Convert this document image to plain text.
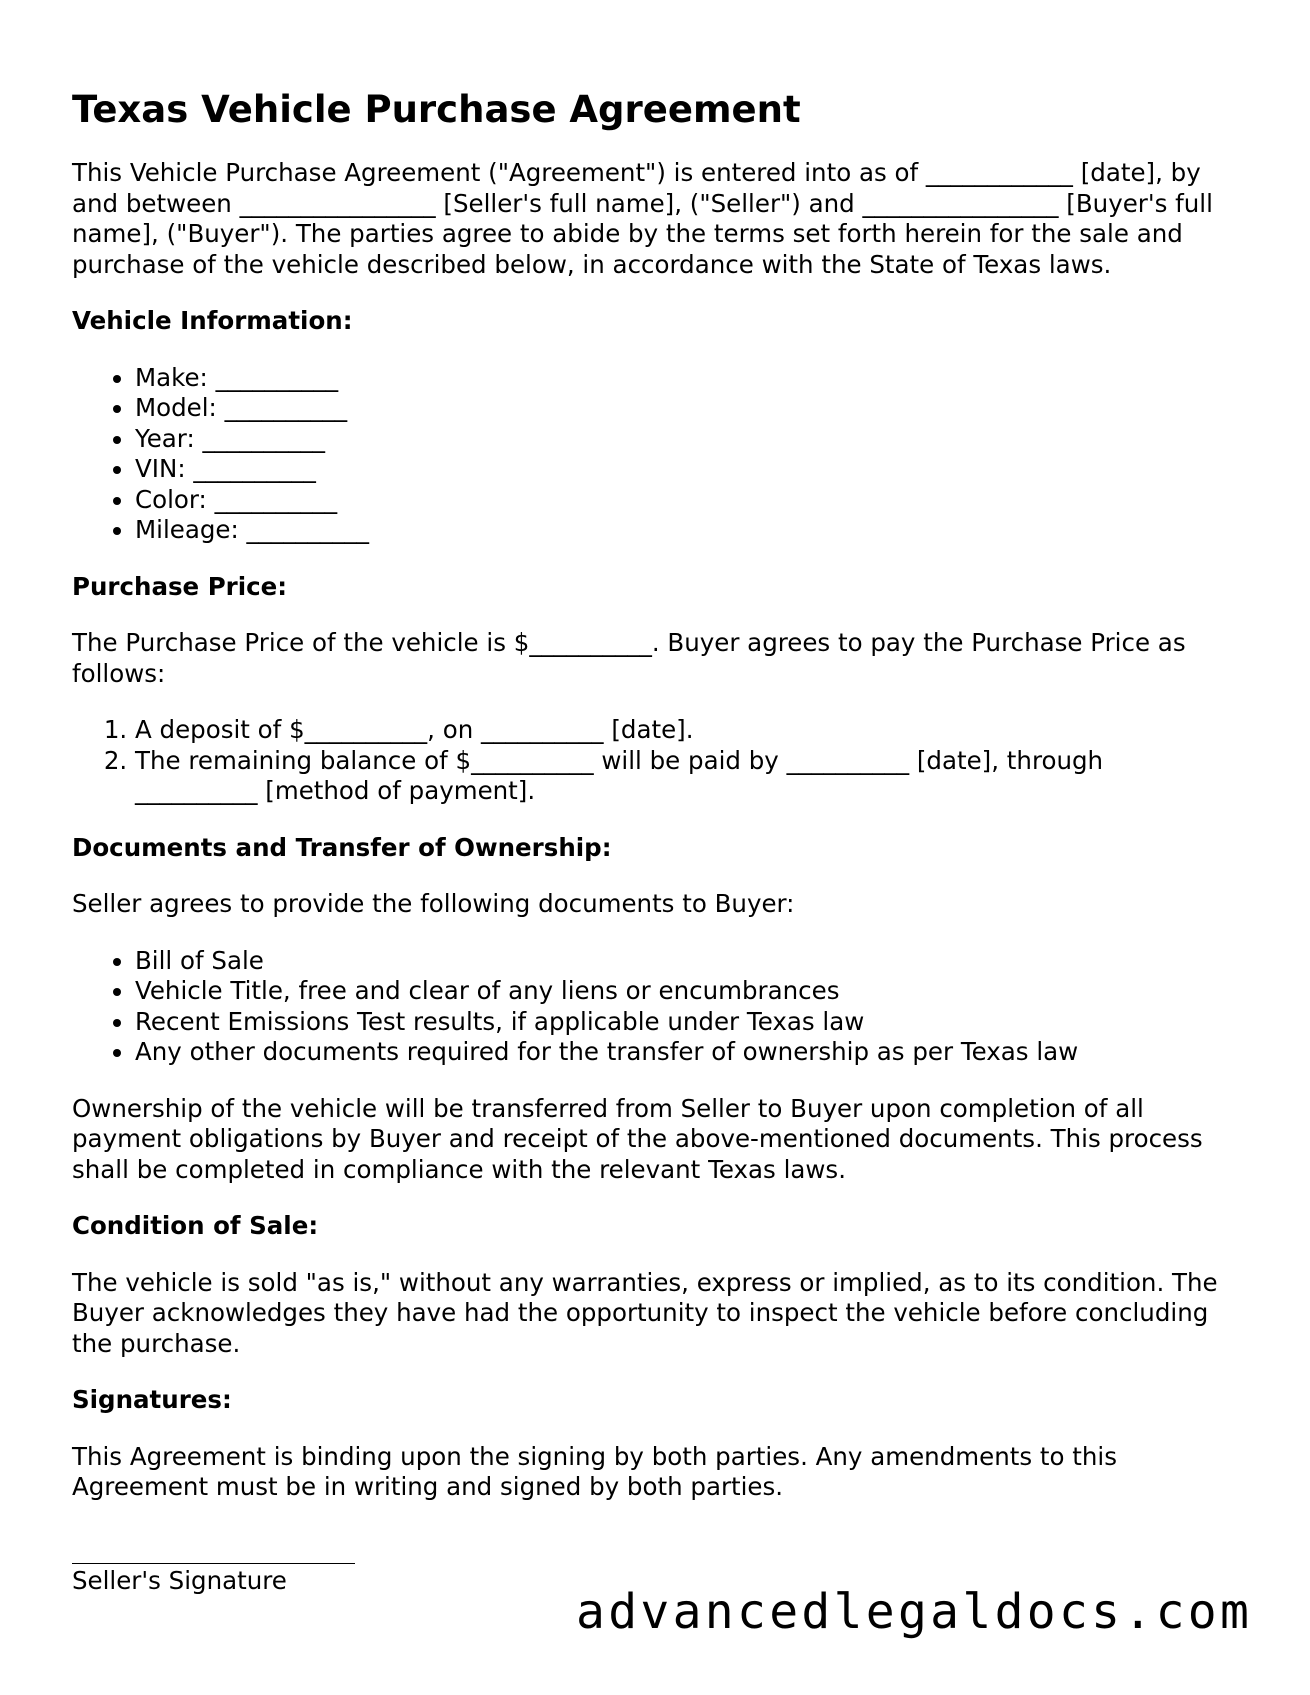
Texas Vehicle Purchase Agreement

This Vehicle Purchase Agreement ("Agreement") is entered into as of ____________ [date], by and between ________________ [Seller's full name], ("Seller") and ________________ [Buyer's full name], ("Buyer"). The parties agree to abide by the terms set forth herein for the sale and purchase of the vehicle described below, in accordance with the State of Texas laws.

Vehicle Information:
• Make: __________
• Model: __________
• Year: __________
• VIN: __________
• Color: __________
• Mileage: __________
Purchase Price:

The Purchase Price of the vehicle is $__________. Buyer agrees to pay the Purchase Price as follows:

1. A deposit of $__________, on __________ [date].
2. The remaining balance of $__________ will be paid by __________ [date], through __________ [method of payment].
Documents and Transfer of Ownership:

Seller agrees to provide the following documents to Buyer:

• Bill of Sale
• Vehicle Title, free and clear of any liens or encumbrances
• Recent Emissions Test results, if applicable under Texas law
• Any other documents required for the transfer of ownership as per Texas law

Ownership of the vehicle will be transferred from Seller to Buyer upon completion of all payment obligations by Buyer and receipt of the above-mentioned documents. This process shall be completed in compliance with the relevant Texas laws.

Condition of Sale:

The vehicle is sold "as is," without any warranties, express or implied, as to its condition. The Buyer acknowledges they have had the opportunity to inspect the vehicle before concluding the purchase.

Signatures:

This Agreement is binding upon the signing by both parties. Any amendments to this Agreement must be in writing and signed by both parties.

Seller's Signature
advancedlegaldocs.com
